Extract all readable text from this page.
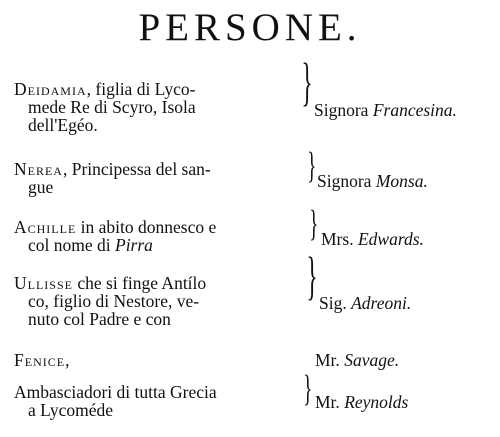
PERSONE.
Deidamia, figlia di Lyco-
mede Re di Scyro, Isola
dell'Egéo.
} Signora Francesina.
Nerea, Principessa del san-
gue
} Signora Monsa.
Achille in abito donnesco e
col nome di Pirra
} Mrs. Edwards.
Ullisse che si finge Antílo
co, figlio di Nestore, ve-
nuto col Padre e con
} Sig. Adreoni.
Fenice,	Mr. Savage.
Ambasciadori di tutta Grecia
a Lycoméde
} Mr. Reynolds
